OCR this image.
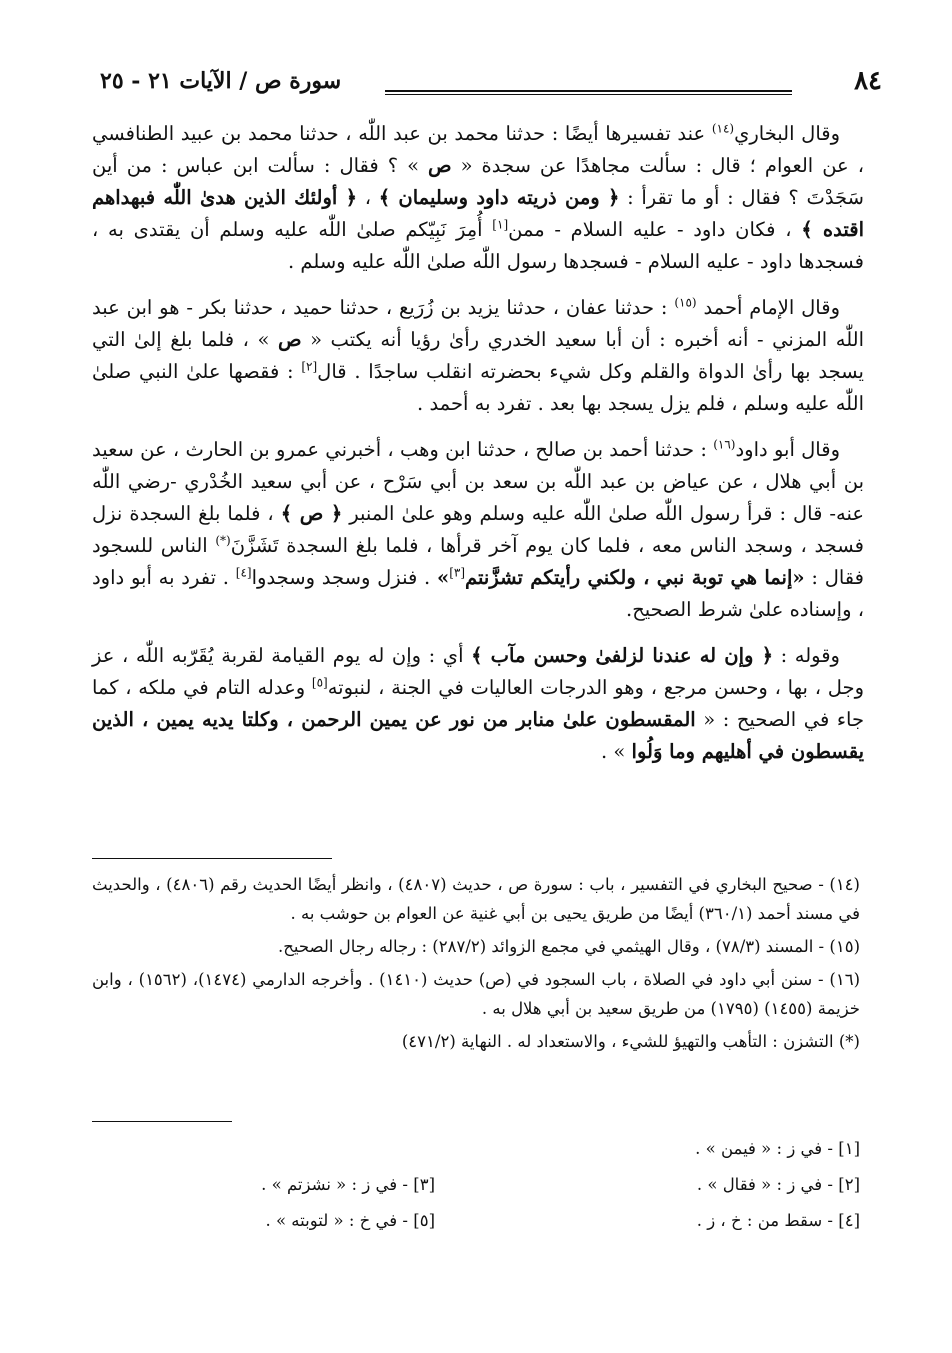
٨٤
سورة ص / الآيات ٢١ - ٢٥

وقال البخاري$^{(١٤)}$ عند تفسيرها أيضًا : حدثنا محمد بن عبد اللّٰه ، حدثنا محمد بن عبيد الطنافسي ، عن العوام ؛ قال : سألت مجاهدًا عن سجدة « ص » ؟ فقال : سألت ابن عباس : من أين سَجَدْتَ ؟ فقال : أو ما تقرأ : ﴿ ومن ذريته داود وسليمان ﴾ ، ﴿ أولئك الذين هدىٰ اللّٰه فبهداهم اقتده ﴾ ، فكان داود - عليه السلام - ممن[١] أُمِرَ نَبِيّكم صلىٰ اللّٰه عليه وسلم أن يقتدى به ، فسجدها داود - عليه السلام - فسجدها رسول اللّٰه صلىٰ اللّٰه عليه وسلم .

وقال الإمام أحمد $^{(١٥)}$ : حدثنا عفان ، حدثنا يزيد بن زُرَيع ، حدثنا حميد ، حدثنا بكر - هو ابن عبد اللّٰه المزني - أنه أخبره : أن أبا سعيد الخدري رأىٰ رؤيا أنه يكتب « ص » ، فلما بلغ إلىٰ التي يسجد بها رأىٰ الدواة والقلم وكل شيء بحضرته انقلب ساجدًا . قال[٢] : فقصها علىٰ النبي صلىٰ اللّٰه عليه وسلم ، فلم يزل يسجد بها بعد . تفرد به أحمد .

وقال أبو داود$^{(١٦)}$ : حدثنا أحمد بن صالح ، حدثنا ابن وهب ، أخبرني عمرو بن الحارث ، عن سعيد بن أبي هلال ، عن عياض بن عبد اللّٰه بن سعد بن أبي سَرْح ، عن أبي سعيد الخُدْري -رضي اللّٰه عنه- قال : قرأ رسول اللّٰه صلىٰ اللّٰه عليه وسلم وهو علىٰ المنبر ﴿ ص ﴾ ، فلما بلغ السجدة نزل فسجد ، وسجد الناس معه ، فلما كان يوم آخر قرأها ، فلما بلغ السجدة تَشَزَّنَ(*) الناس للسجود فقال : «إنما هي توبة نبي ، ولكني رأيتكم تشزَّنتم[٣]» . فنزل وسجد وسجدوا[٤] . تفرد به أبو داود ، وإسناده علىٰ شرط الصحيح.

وقوله : ﴿ وإن له عندنا لزلفىٰ وحسن مآب ﴾ أي : وإن له يوم القيامة لقربة يُقَرّبه اللّٰه ، عز وجل ، بها ، وحسن مرجع ، وهو الدرجات العاليات في الجنة ، لنبوته[٥] وعدله التام في ملكه ، كما جاء في الصحيح : « المقسطون علىٰ منابر من نور عن يمين الرحمن ، وكلتا يديه يمين ، الذين يقسطون في أهليهم وما وَلُوا » .

(١٤) - صحيح البخاري في التفسير ، باب : سورة ص ، حديث (٤٨٠٧) ، وانظر أيضًا الحديث رقم (٤٨٠٦) ، والحديث في مسند أحمد (٣٦٠/١) أيضًا من طريق يحيى بن أبي غنية عن العوام بن حوشب به .

(١٥) - المسند (٧٨/٣) ، وقال الهيثمي في مجمع الزوائد (٢٨٧/٢) : رجاله رجال الصحيح.

(١٦) - سنن أبي داود في الصلاة ، باب السجود في (ص) حديث (١٤١٠) . وأخرجه الدارمي (١٤٧٤)، (١٥٦٢) ، وابن خزيمة (١٤٥٥) (١٧٩٥) من طريق سعيد بن أبي هلال به .

(*) التشزن : التأهب والتهيؤ للشيء ، والاستعداد له . النهاية (٤٧١/٢)

[١] - في ز : « فيمن » .
[٢] - في ز : « فقال » .
[٣] - في ز : « نشزتم » .
[٤] - سقط من : خ ، ز .
[٥] - في خ : « لتوبته » .
